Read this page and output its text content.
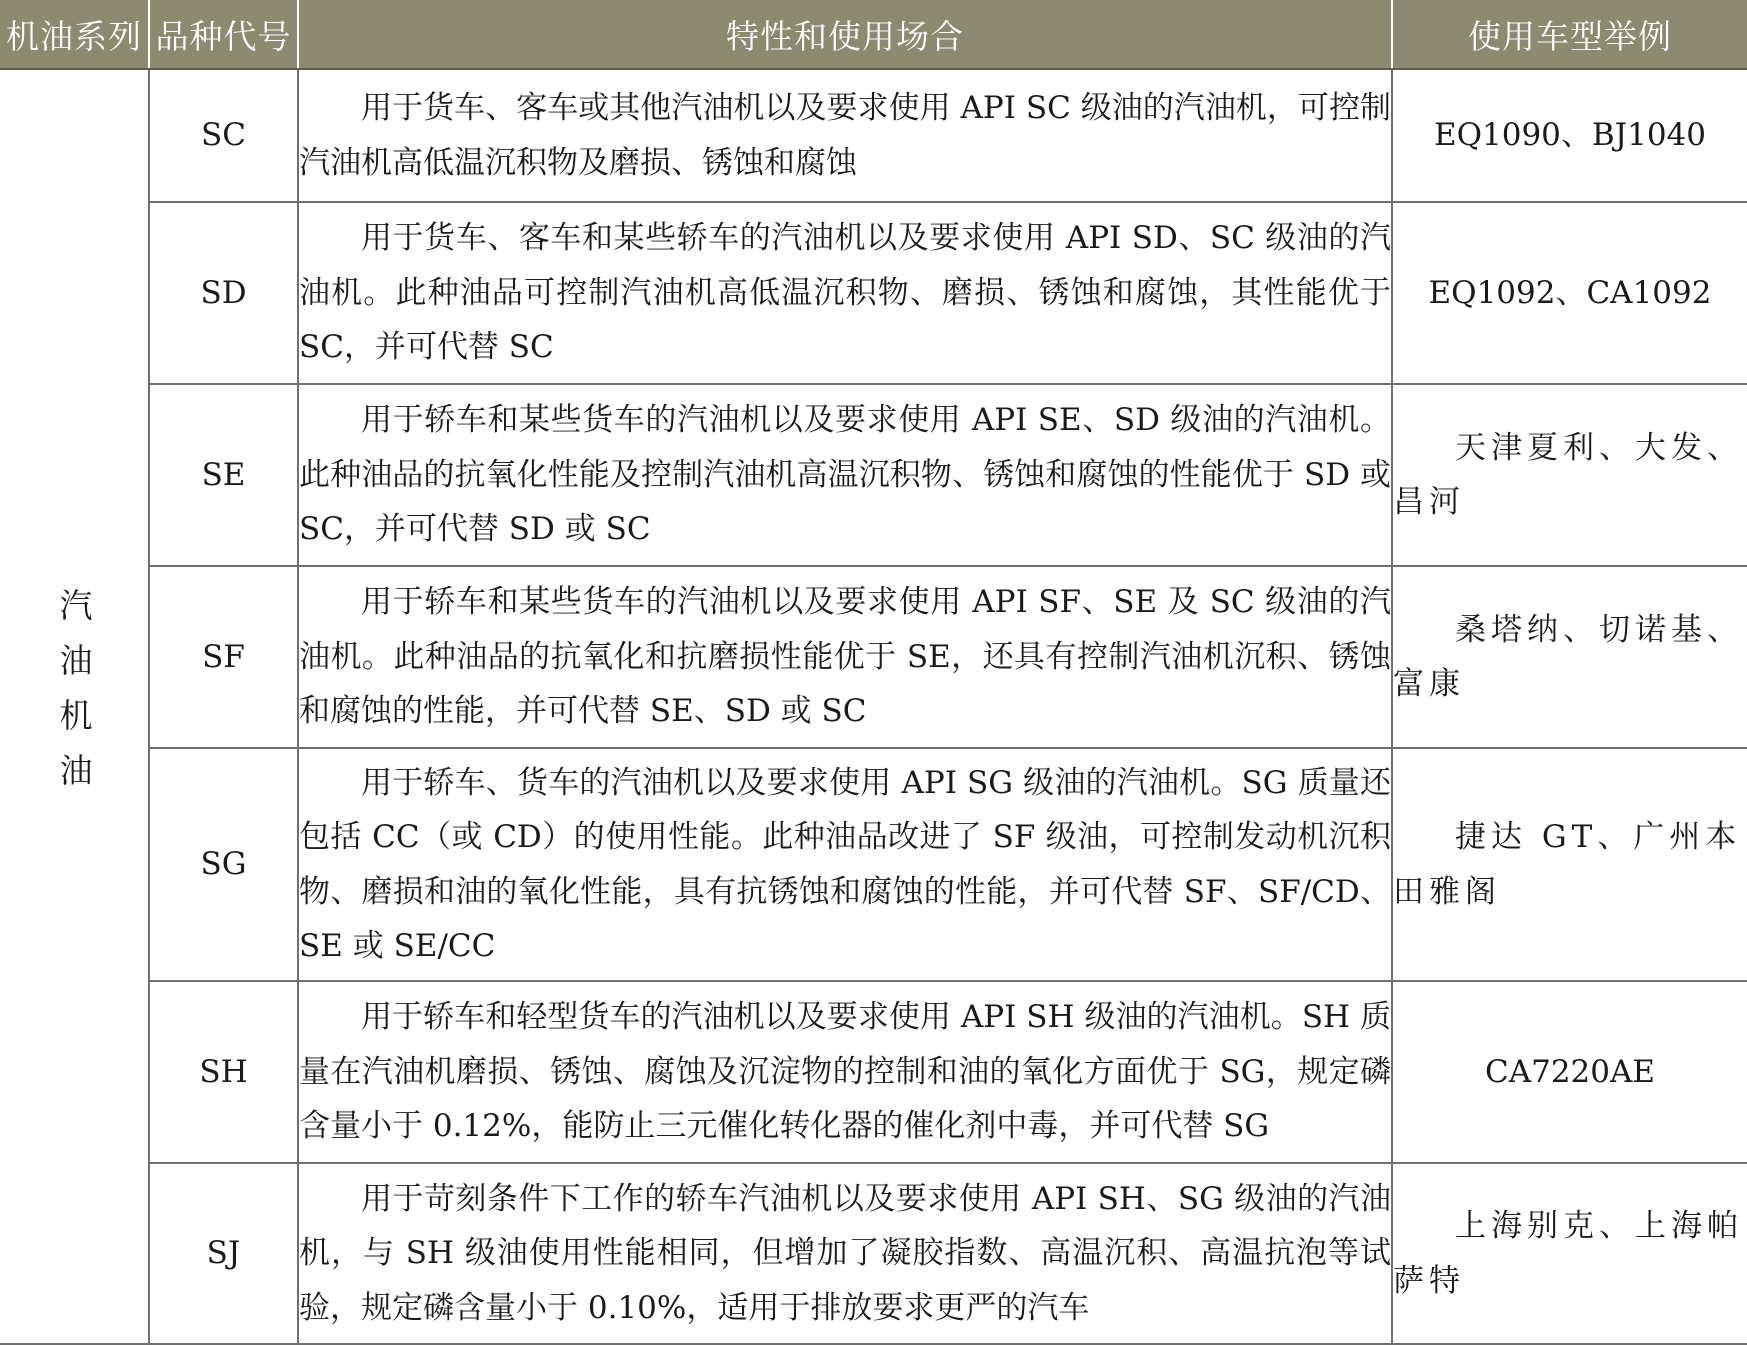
机油系列	品种代号	特性和使用场合	使用车型举例
汽油机油	SC	用于货车、客车或其他汽油机以及要求使用 API SC 级油的汽油机，可控制汽油机高低温沉积物及磨损、锈蚀和腐蚀	EQ1090、BJ1040

	SD	用于货车、客车和某些轿车的汽油机以及要求使用 API SD、SC 级油的汽油机。此种油品可控制汽油机高低温沉积物、磨损、锈蚀和腐蚀，其性能优于 SC，并可代替 SC	EQ1092、CA1092

	SE	用于轿车和某些货车的汽油机以及要求使用 API SE、SD 级油的汽油机。此种油品的抗氧化性能及控制汽油机高温沉积物、锈蚀和腐蚀的性能优于 SD 或 SC，并可代替 SD 或 SC	天津夏利、大发、昌河

	SF	用于轿车和某些货车的汽油机以及要求使用 API SF、SE 及 SC 级油的汽油机。此种油品的抗氧化和抗磨损性能优于 SE，还具有控制汽油机沉积、锈蚀和腐蚀的性能，并可代替 SE、SD 或 SC	桑塔纳、切诺基、富康

	SG	用于轿车、货车的汽油机以及要求使用 API SG 级油的汽油机。SG 质量还包括 CC（或 CD）的使用性能。此种油品改进了 SF 级油，可控制发动机沉积物、磨损和油的氧化性能，具有抗锈蚀和腐蚀的性能，并可代替 SF、SF/CD、SE 或 SE/CC	捷达 GT、广州本田雅阁

	SH	用于轿车和轻型货车的汽油机以及要求使用 API SH 级油的汽油机。SH 质量在汽油机磨损、锈蚀、腐蚀及沉淀物的控制和油的氧化方面优于 SG，规定磷含量小于 0.12%，能防止三元催化转化器的催化剂中毒，并可代替 SG	CA7220AE

	SJ	用于苛刻条件下工作的轿车汽油机以及要求使用 API SH、SG 级油的汽油机，与 SH 级油使用性能相同，但增加了凝胶指数、高温沉积、高温抗泡等试验，规定磷含量小于 0.10%，适用于排放要求更严的汽车	上海别克、上海帕萨特
